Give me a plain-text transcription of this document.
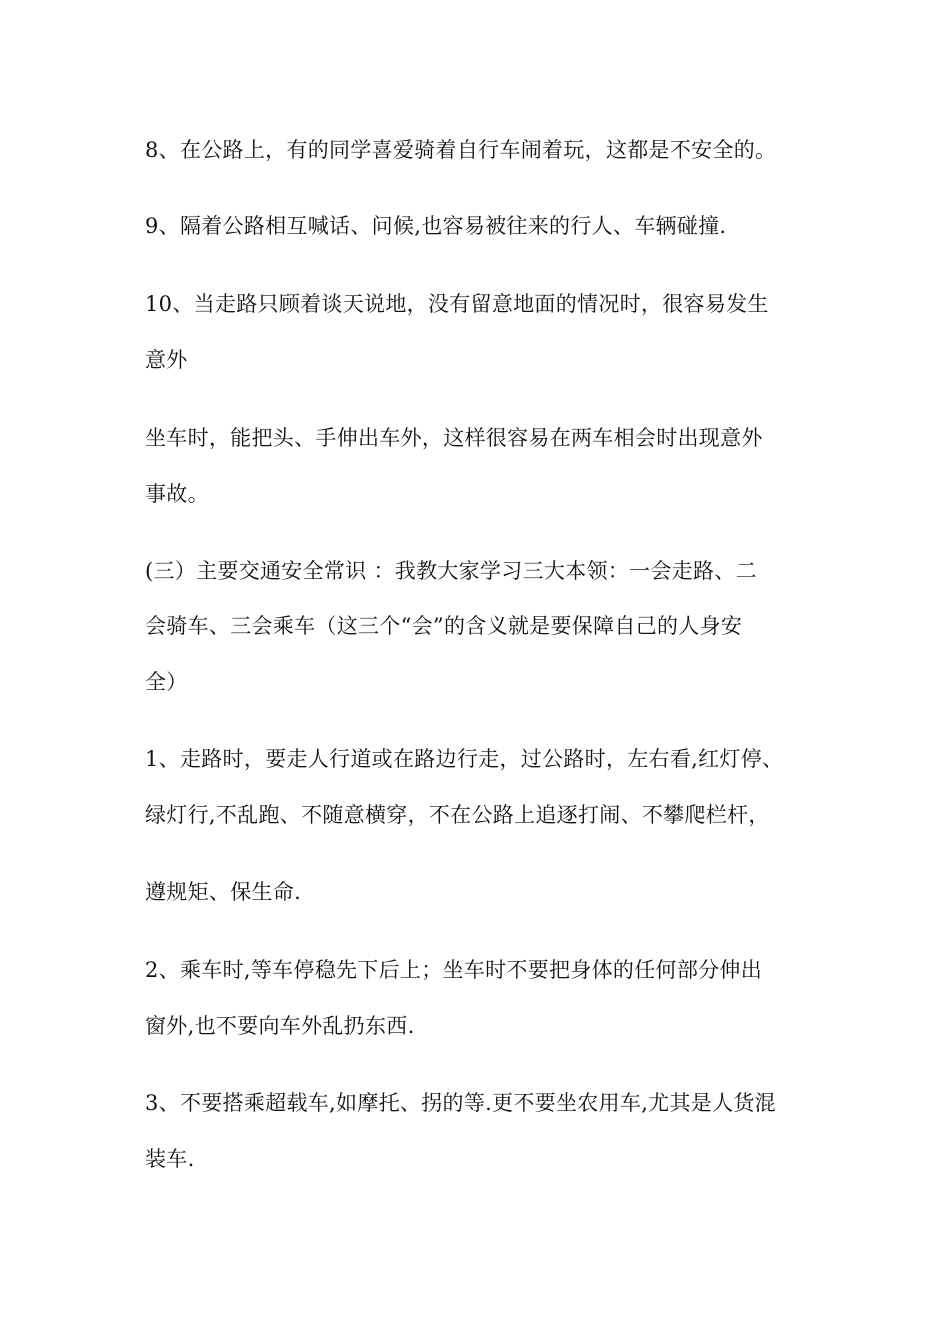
8、在公路上，有的同学喜爱骑着自行车闹着玩，这都是不安全的。
9、隔着公路相互喊话、问候,也容易被往来的行人、车辆碰撞.
10、当走路只顾着谈天说地，没有留意地面的情况时，很容易发生
意外
坐车时，能把头、手伸出车外，这样很容易在两车相会时出现意外
事故。
(三）主要交通安全常识 ：我教大家学习三大本领：一会走路、二
会骑车、三会乘车（这三个“会”的含义就是要保障自己的人身安
全）
1、走路时，要走人行道或在路边行走，过公路时，左右看,红灯停、
绿灯行,不乱跑、不随意横穿，不在公路上追逐打闹、不攀爬栏杆，
遵规矩、保生命.
2、乘车时,等车停稳先下后上；坐车时不要把身体的任何部分伸出
窗外,也不要向车外乱扔东西.
3、不要搭乘超载车,如摩托、拐的等.更不要坐农用车,尤其是人货混
装车.
